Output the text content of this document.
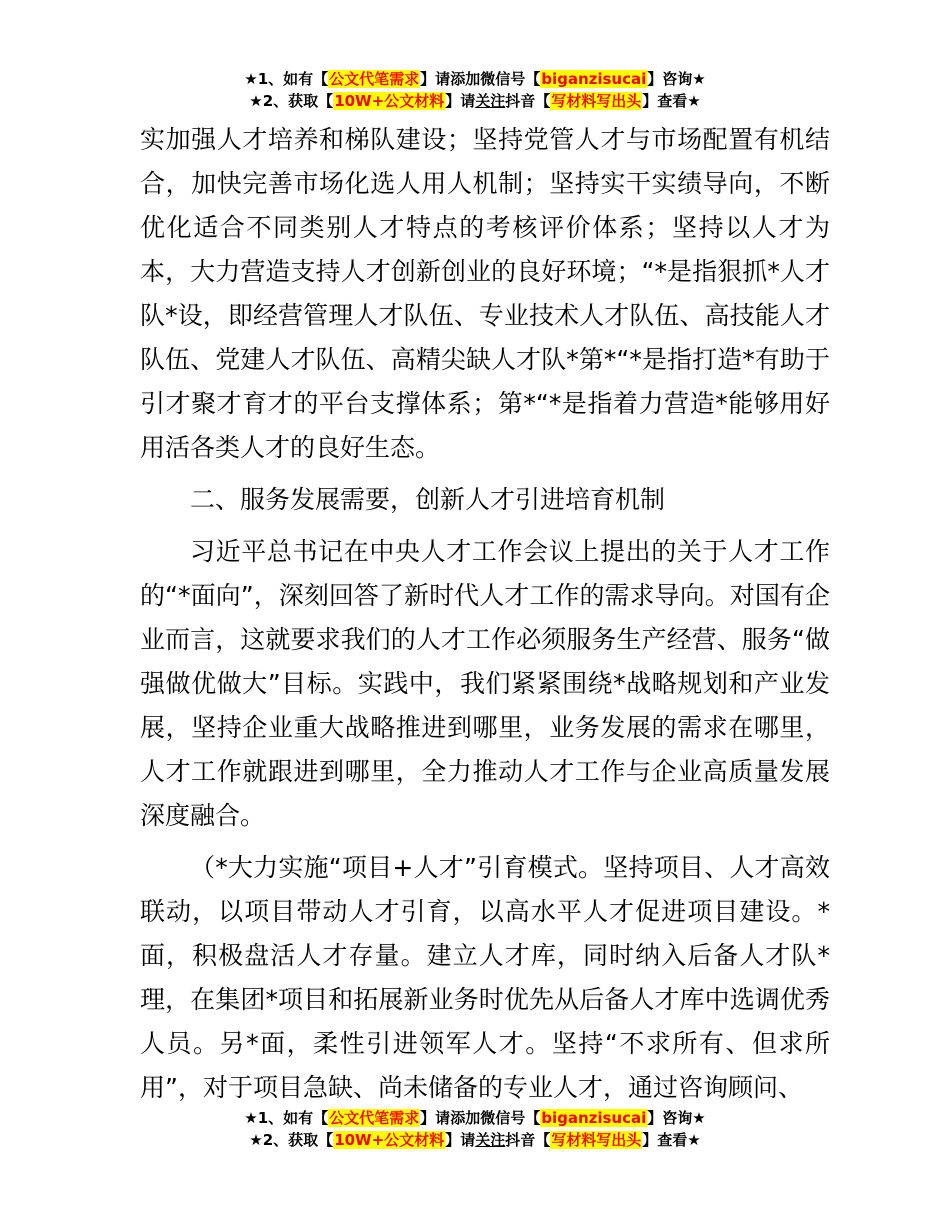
★1、如有【公文代笔需求】请添加微信号【biganzisucai】咨询★
★2、获取【10W+公文材料】请关注抖音【写材料写出头】查看★

实加强人才培养和梯队建设；坚持党管人才与市场配置有机结合，加快完善市场化选人用人机制；坚持实干实绩导向，不断优化适合不同类别人才特点的考核评价体系；坚持以人才为本，大力营造支持人才创新创业的良好环境；“*是指狠抓*人才队*设，即经营管理人才队伍、专业技术人才队伍、高技能人才队伍、党建人才队伍、高精尖缺人才队*第*“*是指打造*有助于引才聚才育才的平台支撑体系；第*“*是指着力营造*能够用好用活各类人才的良好生态。

二、服务发展需要，创新人才引进培育机制

习近平总书记在中央人才工作会议上提出的关于人才工作的“*面向”，深刻回答了新时代人才工作的需求导向。对国有企业而言，这就要求我们的人才工作必须服务生产经营、服务“做强做优做大”目标。实践中，我们紧紧围绕*战略规划和产业发展，坚持企业重大战略推进到哪里，业务发展的需求在哪里，人才工作就跟进到哪里，全力推动人才工作与企业高质量发展深度融合。

（*大力实施“项目+人才”引育模式。坚持项目、人才高效联动，以项目带动人才引育，以高水平人才促进项目建设。*面，积极盘活人才存量。建立人才库，同时纳入后备人才队*理，在集团*项目和拓展新业务时优先从后备人才库中选调优秀人员。另*面，柔性引进领军人才。坚持“不求所有、但求所用”，对于项目急缺、尚未储备的专业人才，通过咨询顾问、

★1、如有【公文代笔需求】请添加微信号【biganzisucai】咨询★
★2、获取【10W+公文材料】请关注抖音【写材料写出头】查看★
